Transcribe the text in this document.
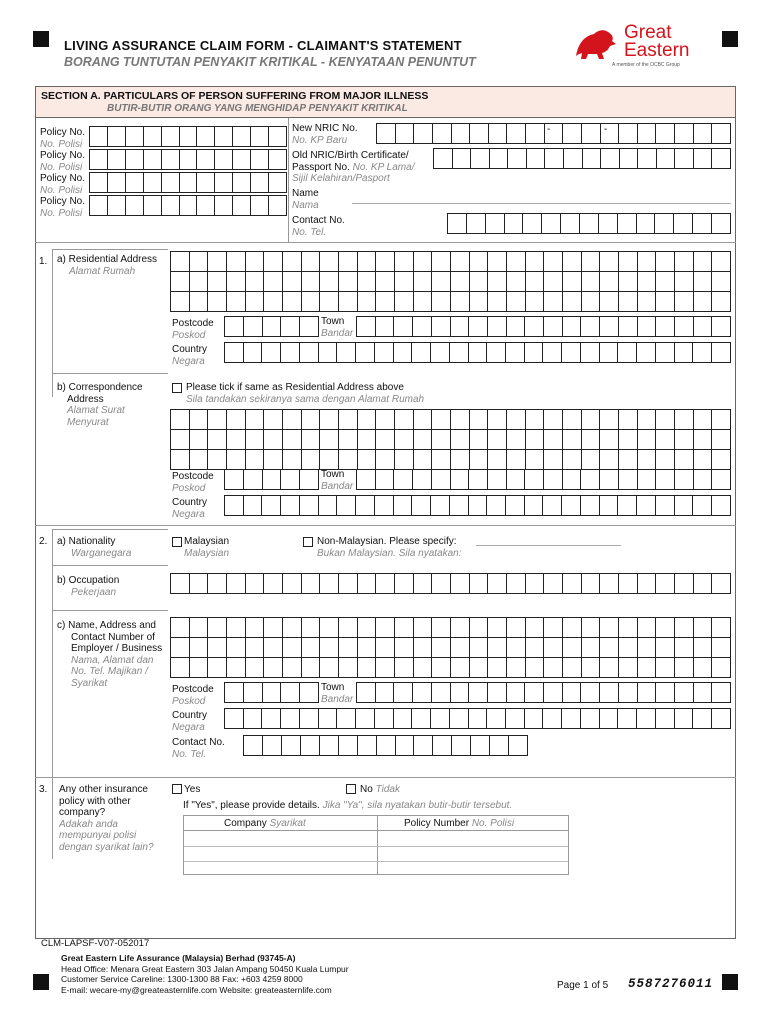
LIVING ASSURANCE CLAIM FORM - CLAIMANT'S STATEMENT
BORANG TUNTUTAN PENYAKIT KRITIKAL - KENYATAAN PENUNTUT
Great
Eastern
A member of the OCBC Group
SECTION A. PARTICULARS OF PERSON SUFFERING FROM MAJOR ILLNESS
BUTIR-BUTIR ORANG YANG MENGHIDAP PENYAKIT KRITIKAL
Policy No.
No. Polisi
Policy No.
No. Polisi
Policy No.
No. Polisi
Policy No.
No. Polisi
New NRIC No.
No. KP Baru
-	-
Old NRIC/Birth Certificate/
Passport No. No. KP Lama/
Sijil Kelahiran/Pasport
Name
Nama
Contact No.
No. Tel.
1. a) Residential Address
Alamat Rumah
Postcode
Poskod
Town
Bandar
Country
Negara
b) Correspondence
Address
Alamat Surat
Menyurat
Please tick if same as Residential Address above
Sila tandakan sekiranya sama dengan Alamat Rumah
Postcode
Poskod
Town
Bandar
Country
Negara
2. a) Nationality
Warganegara
Malaysian
Malaysian
Non-Malaysian. Please specify:
Bukan Malaysian. Sila nyatakan:
b) Occupation
Pekerjaan
c) Name, Address and
Contact Number of
Employer / Business
Nama, Alamat dan
No. Tel. Majikan /
Syarikat
Postcode
Poskod
Town
Bandar
Country
Negara
Contact No.
No. Tel.
3. Any other insurance
policy with other
company?
Adakah anda
mempunyai polisi
dengan syarikat lain?
Yes	No Tidak
If "Yes", please provide details. Jika "Ya", sila nyatakan butir-butir tersebut.
Company Syarikat	Policy Number No. Polisi
CLM-LAPSF-V07-052017
Great Eastern Life Assurance (Malaysia) Berhad (93745-A)
Head Office: Menara Great Eastern 303 Jalan Ampang 50450 Kuala Lumpur
Customer Service Careline: 1300-1300 88 Fax: +603 4259 8000
E-mail: wecare-my@greateasternlife.com Website: greateasternlife.com	Page 1 of 5 5587276011
